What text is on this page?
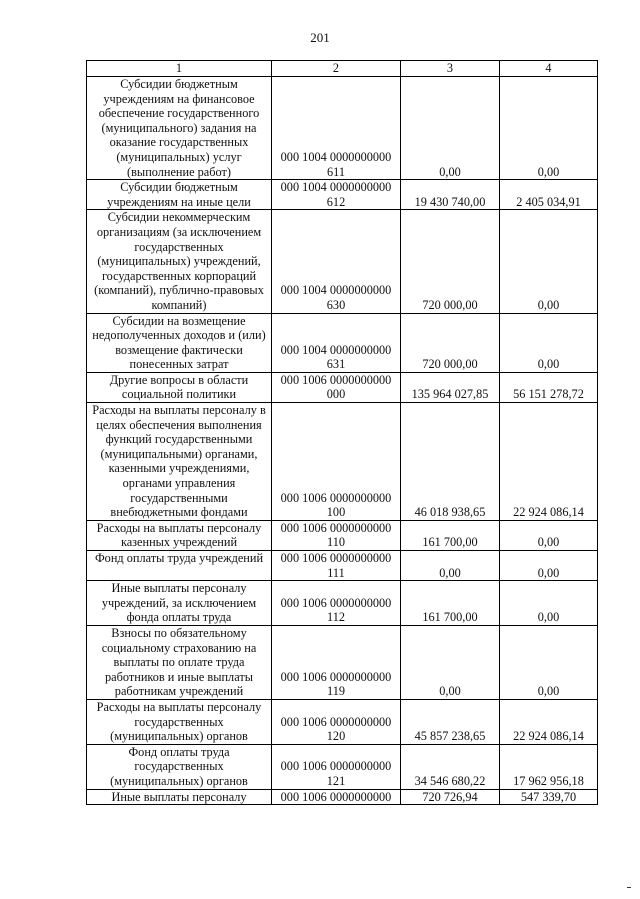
201
1	2	3	4
Субсидии бюджетным учреждениям на финансовое обеспечение государственного (муниципального) задания на оказание государственных (муниципальных) услуг (выполнение работ)	000 1004 0000000000 611	0,00	0,00
Субсидии бюджетным учреждениям на иные цели	000 1004 0000000000 612	19 430 740,00	2 405 034,91
Субсидии некоммерческим организациям (за исключением государственных (муниципальных) учреждений, государственных корпораций (компаний), публично-правовых компаний)	000 1004 0000000000 630	720 000,00	0,00
Субсидии на возмещение недополученных доходов и (или) возмещение фактически понесенных затрат	000 1004 0000000000 631	720 000,00	0,00
Другие вопросы в области социальной политики	000 1006 0000000000 000	135 964 027,85	56 151 278,72
Расходы на выплаты персоналу в целях обеспечения выполнения функций государственными (муниципальными) органами, казенными учреждениями, органами управления государственными внебюджетными фондами	000 1006 0000000000 100	46 018 938,65	22 924 086,14
Расходы на выплаты персоналу казенных учреждений	000 1006 0000000000 110	161 700,00	0,00
Фонд оплаты труда учреждений	000 1006 0000000000 111	0,00	0,00
Иные выплаты персоналу учреждений, за исключением фонда оплаты труда	000 1006 0000000000 112	161 700,00	0,00
Взносы по обязательному социальному страхованию на выплаты по оплате труда работников и иные выплаты работникам учреждений	000 1006 0000000000 119	0,00	0,00
Расходы на выплаты персоналу государственных (муниципальных) органов	000 1006 0000000000 120	45 857 238,65	22 924 086,14
Фонд оплаты труда государственных (муниципальных) органов	000 1006 0000000000 121	34 546 680,22	17 962 956,18
Иные выплаты персоналу	000 1006 0000000000	720 726,94	547 339,70
